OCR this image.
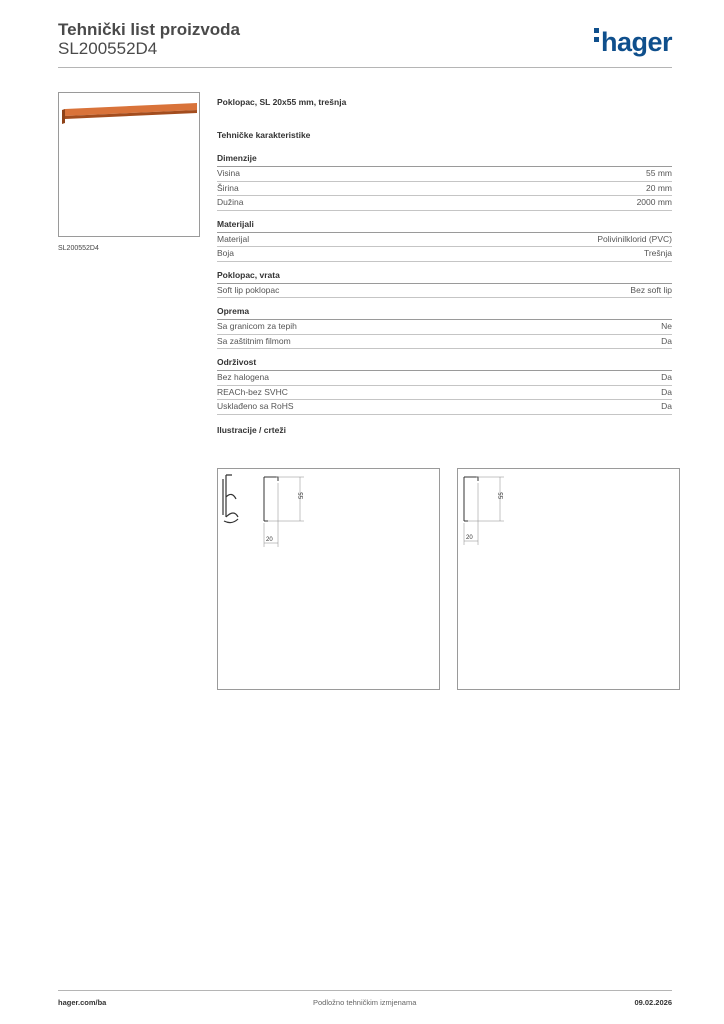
Tehnički list proizvoda
SL200552D4	hager
SL200552D4
Poklopac, SL 20x55 mm, trešnja
Tehničke karakteristike
Dimenzije
Visina	55 mm
Širina	20 mm
Dužina	2000 mm
Materijali
Materijal	Polivinilklorid (PVC)
Boja	Trešnja
Poklopac, vrata
Soft lip poklopac	Bez soft lip
Oprema
Sa granicom za tepih	Ne
Sa zaštitnim filmom	Da
Održivost
Bez halogena	Da
REACh-bez SVHC	Da
Usklađeno sa RoHS	Da
Ilustracije / crteži
55
20
55
20
hager.com/ba	Podložno tehničkim izmjenama	09.02.2026
